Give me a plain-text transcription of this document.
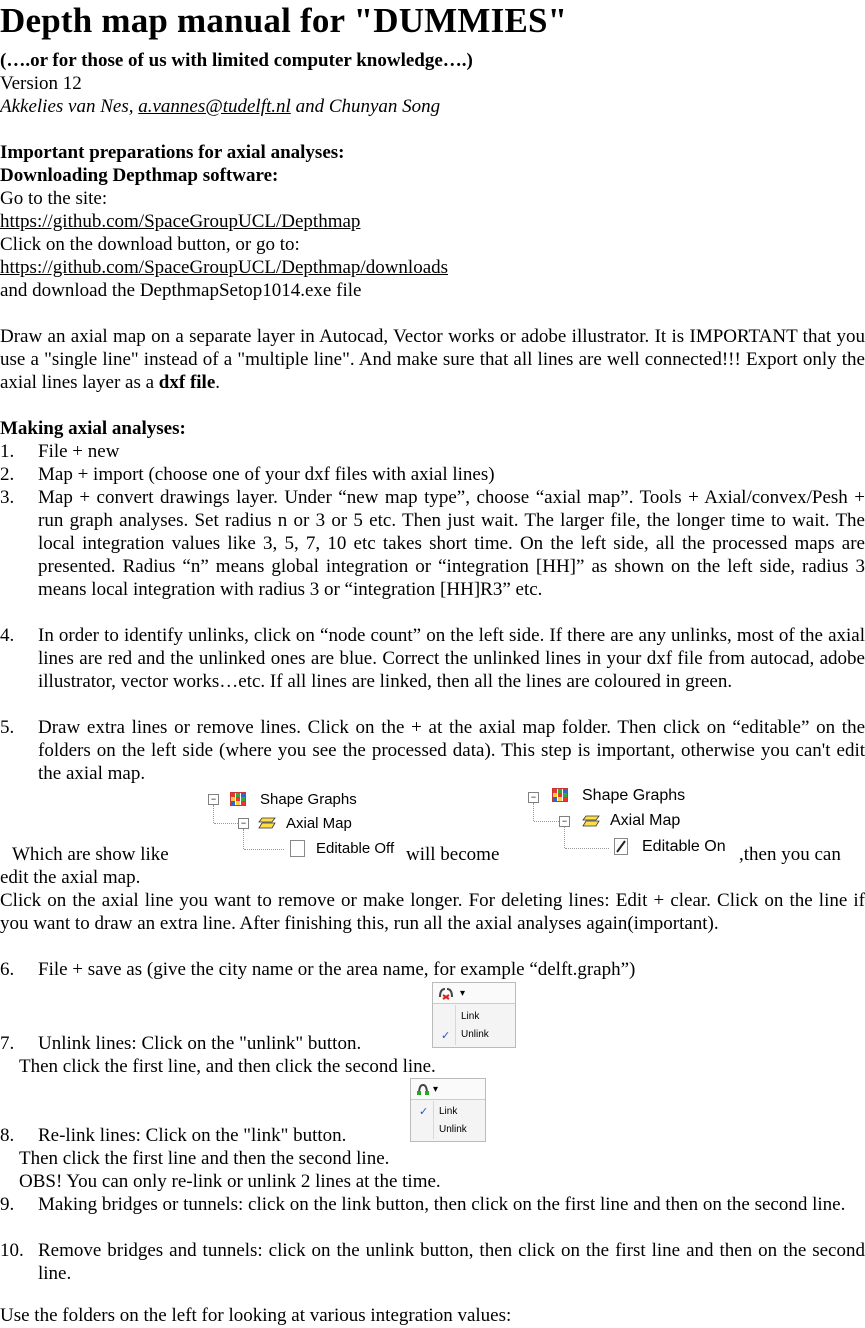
Depth map manual for "DUMMIES"
(….or for those of us with limited computer knowledge….)
Version 12
Akkelies van Nes, a.vannes@tudelft.nl and Chunyan Song
Important preparations for axial analyses:
Downloading Depthmap software:
Go to the site:
https://github.com/SpaceGroupUCL/Depthmap
Click on the download button, or go to:
https://github.com/SpaceGroupUCL/Depthmap/downloads
and download the DepthmapSetop1014.exe file
Draw an axial map on a separate layer in Autocad, Vector works or adobe illustrator. It is IMPORTANT that you use a "single line" instead of a "multiple line". And make sure that all lines are well connected!!! Export only the axial lines layer as a dxf file.
Making axial analyses:
1. File + new
2. Map + import (choose one of your dxf files with axial lines)
3. Map + convert drawings layer. Under “new map type”, choose “axial map”. Tools + Axial/convex/Pesh + run graph analyses. Set radius n or 3 or 5 etc. Then just wait. The larger file, the longer time to wait. The local integration values like 3, 5, 7, 10 etc takes short time. On the left side, all the processed maps are presented. Radius “n” means global integration or “integration [HH]” as shown on the left side, radius 3 means local integration with radius 3 or “integration [HH]R3” etc.
4. In order to identify unlinks, click on “node count” on the left side. If there are any unlinks, most of the axial lines are red and the unlinked ones are blue. Correct the unlinked lines in your dxf file from autocad, adobe illustrator, vector works…etc. If all lines are linked, then all the lines are coloured in green.
5. Draw extra lines or remove lines. Click on the + at the axial map folder. Then click on “editable” on the folders on the left side (where you see the processed data). This step is important, otherwise you can't edit the axial map.
−	Shape Graphs
−	Axial Map
Editable Off
−	Shape Graphs
−	Axial Map
Editable On
Which are show like	will become	,then you can
edit the axial map.
Click on the axial line you want to remove or make longer. For deleting lines: Edit + clear. Click on the line if you want to draw an extra line. After finishing this, run all the axial analyses again(important).
6. File + save as (give the city name or the area name, for example “delft.graph”)
▾
Link
✓ Unlink
7. Unlink lines: Click on the "unlink" button.
Then click the first line, and then click the second line.
▾
✓ Link
Unlink
8. Re-link lines: Click on the "link" button.
Then click the first line and then the second line.
OBS! You can only re-link or unlink 2 lines at the time.
9. Making bridges or tunnels: click on the link button, then click on the first line and then on the second line.
10. Remove bridges and tunnels: click on the unlink button, then click on the first line and then on the second line.
Use the folders on the left for looking at various integration values:
